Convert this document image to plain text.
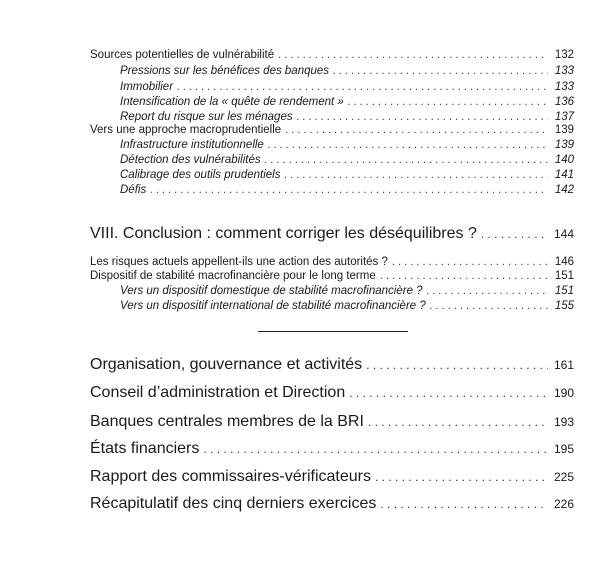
Sources potentielles de vulnérabilité . . .	132
Pressions sur les bénéfices des banques . . .	133
Immobilier . . .	133
Intensification de la « quête de rendement » . . .	136
Report du risque sur les ménages . . .	137
Vers une approche macroprudentielle . . .	139
Infrastructure institutionnelle . . .	139
Détection des vulnérabilités . . .	140
Calibrage des outils prudentiels . . .	141
Défis . . .	142
VIII. Conclusion : comment corriger les déséquilibres ? . . .	144
Les risques actuels appellent-ils une action des autorités ? . . .	146
Dispositif de stabilité macrofinancière pour le long terme . . .	151
Vers un dispositif domestique de stabilité macrofinancière ? . . .	151
Vers un dispositif international de stabilité macrofinancière ? . . .	155
Organisation, gouvernance et activités . . .	161
Conseil d’administration et Direction . . .	190
Banques centrales membres de la BRI . . .	193
États financiers . . .	195
Rapport des commissaires-vérificateurs . . .	225
Récapitulatif des cinq derniers exercices . . .	226
